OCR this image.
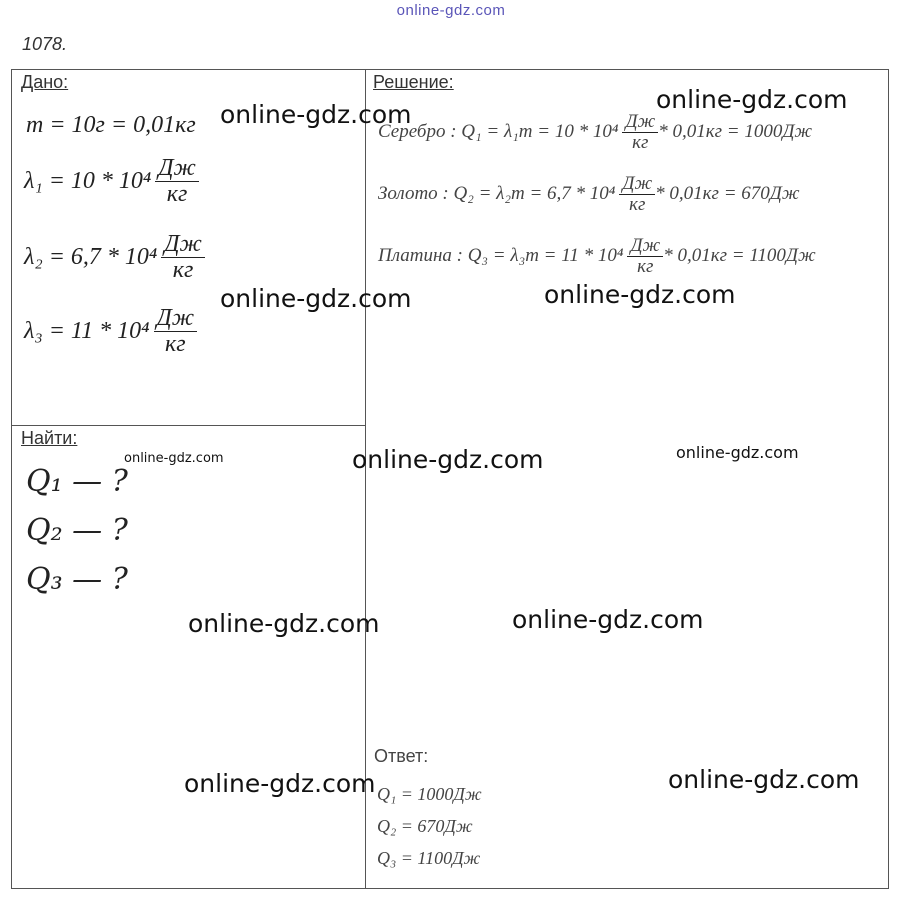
online-gdz.com
1078.
Дано:
m = 10г = 0,01кг
$\lambda_1 = 10 * 10^4 \frac{Дж}{кг}$
$\lambda_2 = 6,7 * 10^4 \frac{Дж}{кг}$
$\lambda_3 = 11 * 10^4 \frac{Дж}{кг}$
Найти:
Q₁ — ?
Q₂ — ?
Q₃ — ?
Решение:
Серебро : $Q_1 = \lambda_1m = 10 * 10^4 \frac{Дж}{кг} * 0,01кг = 1000Дж$
Золото : $Q_2 = \lambda_2m = 6,7 * 10^4 \frac{Дж}{кг} * 0,01кг = 670Дж$
Платина : $Q_3 = \lambda_3m = 11 * 10^4 \frac{Дж}{кг} * 0,01кг = 1100Дж$
Ответ:
Q₁ = 1000Дж
Q₂ = 670Дж
Q₃ = 1100Дж
online-gdz.com
online-gdz.com
online-gdz.com	online-gdz.com
online-gdz.com	online-gdz.com	online-gdz.com
online-gdz.com	online-gdz.com
online-gdz.com	online-gdz.com
